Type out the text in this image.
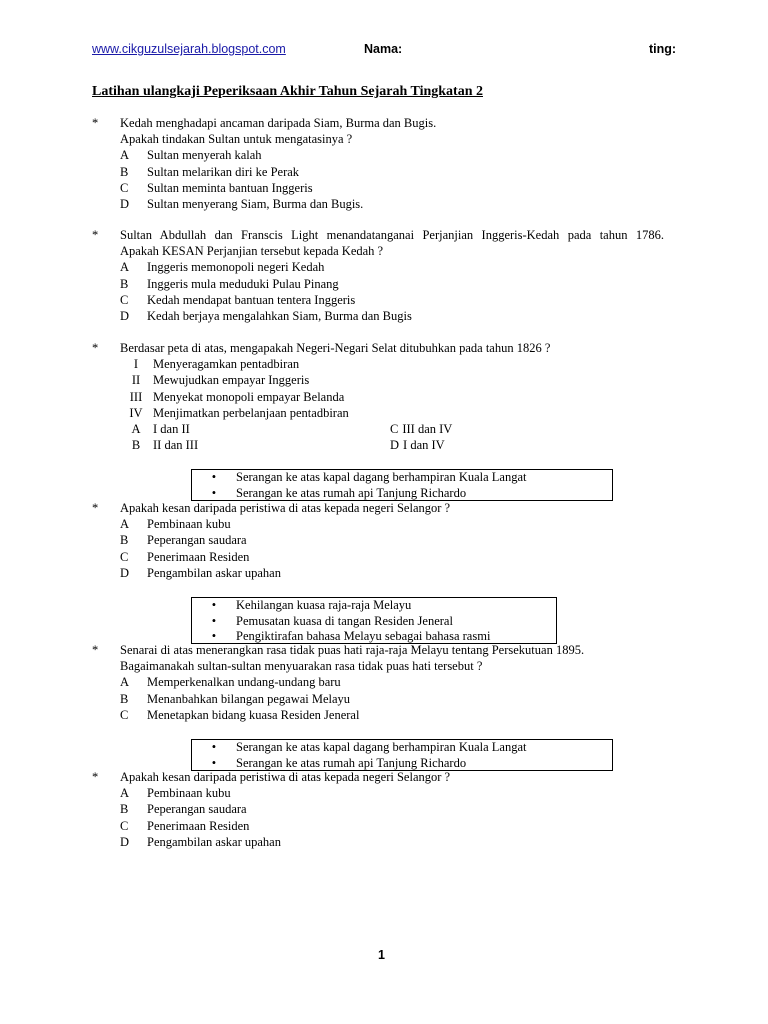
www.cikguzulsejarah.blogspot.com	Nama:	ting:
Latihan ulangkaji Peperiksaan Akhir Tahun Sejarah Tingkatan 2
*	Kedah menghadapi ancaman daripada Siam, Burma dan Bugis.
Apakah tindakan Sultan untuk mengatasinya ?
A	Sultan menyerah kalah
B	Sultan melarikan diri ke Perak
C	Sultan meminta bantuan Inggeris
D	Sultan menyerang Siam, Burma dan Bugis.
*	Sultan Abdullah dan Franscis Light menandatanganai Perjanjian Inggeris-Kedah pada tahun 1786.
Apakah KESAN Perjanjian tersebut kepada Kedah ?
A	Inggeris memonopoli negeri Kedah
B	Inggeris mula meduduki Pulau Pinang
C	Kedah mendapat bantuan tentera Inggeris
D	Kedah berjaya mengalahkan Siam, Burma dan Bugis
*	Berdasar peta di atas, mengapakah Negeri-Negari Selat ditubuhkan pada tahun 1826 ?
I	Menyeragamkan pentadbiran
II	Mewujudkan empayar Inggeris
III Menyekat monopoli empayar Belanda
IV Menjimatkan perbelanjaan pentadbiran
A I dan II	C III dan IV
B	II dan III	D I dan IV
•	Serangan ke atas kapal dagang berhampiran Kuala Langat
•	Serangan ke atas rumah api Tanjung Richardo
*	Apakah kesan daripada peristiwa di atas kepada negeri Selangor ?
A	Pembinaan kubu
B	Peperangan saudara
C	Penerimaan Residen
D	Pengambilan askar upahan
•	Kehilangan kuasa raja-raja Melayu
•	Pemusatan kuasa di tangan Residen Jeneral
•	Pengiktirafan bahasa Melayu sebagai bahasa rasmi
*	Senarai di atas menerangkan rasa tidak puas hati raja-raja Melayu tentang Persekutuan 1895.
Bagaimanakah sultan-sultan menyuarakan rasa tidak puas hati tersebut ?
A	Memperkenalkan undang-undang baru
B	Menanbahkan bilangan pegawai Melayu
C	Menetapkan bidang kuasa Residen Jeneral
•	Serangan ke atas kapal dagang berhampiran Kuala Langat
•	Serangan ke atas rumah api Tanjung Richardo
*	Apakah kesan daripada peristiwa di atas kepada negeri Selangor ?
A	Pembinaan kubu
B	Peperangan saudara
C	Penerimaan Residen
D	Pengambilan askar upahan
1
